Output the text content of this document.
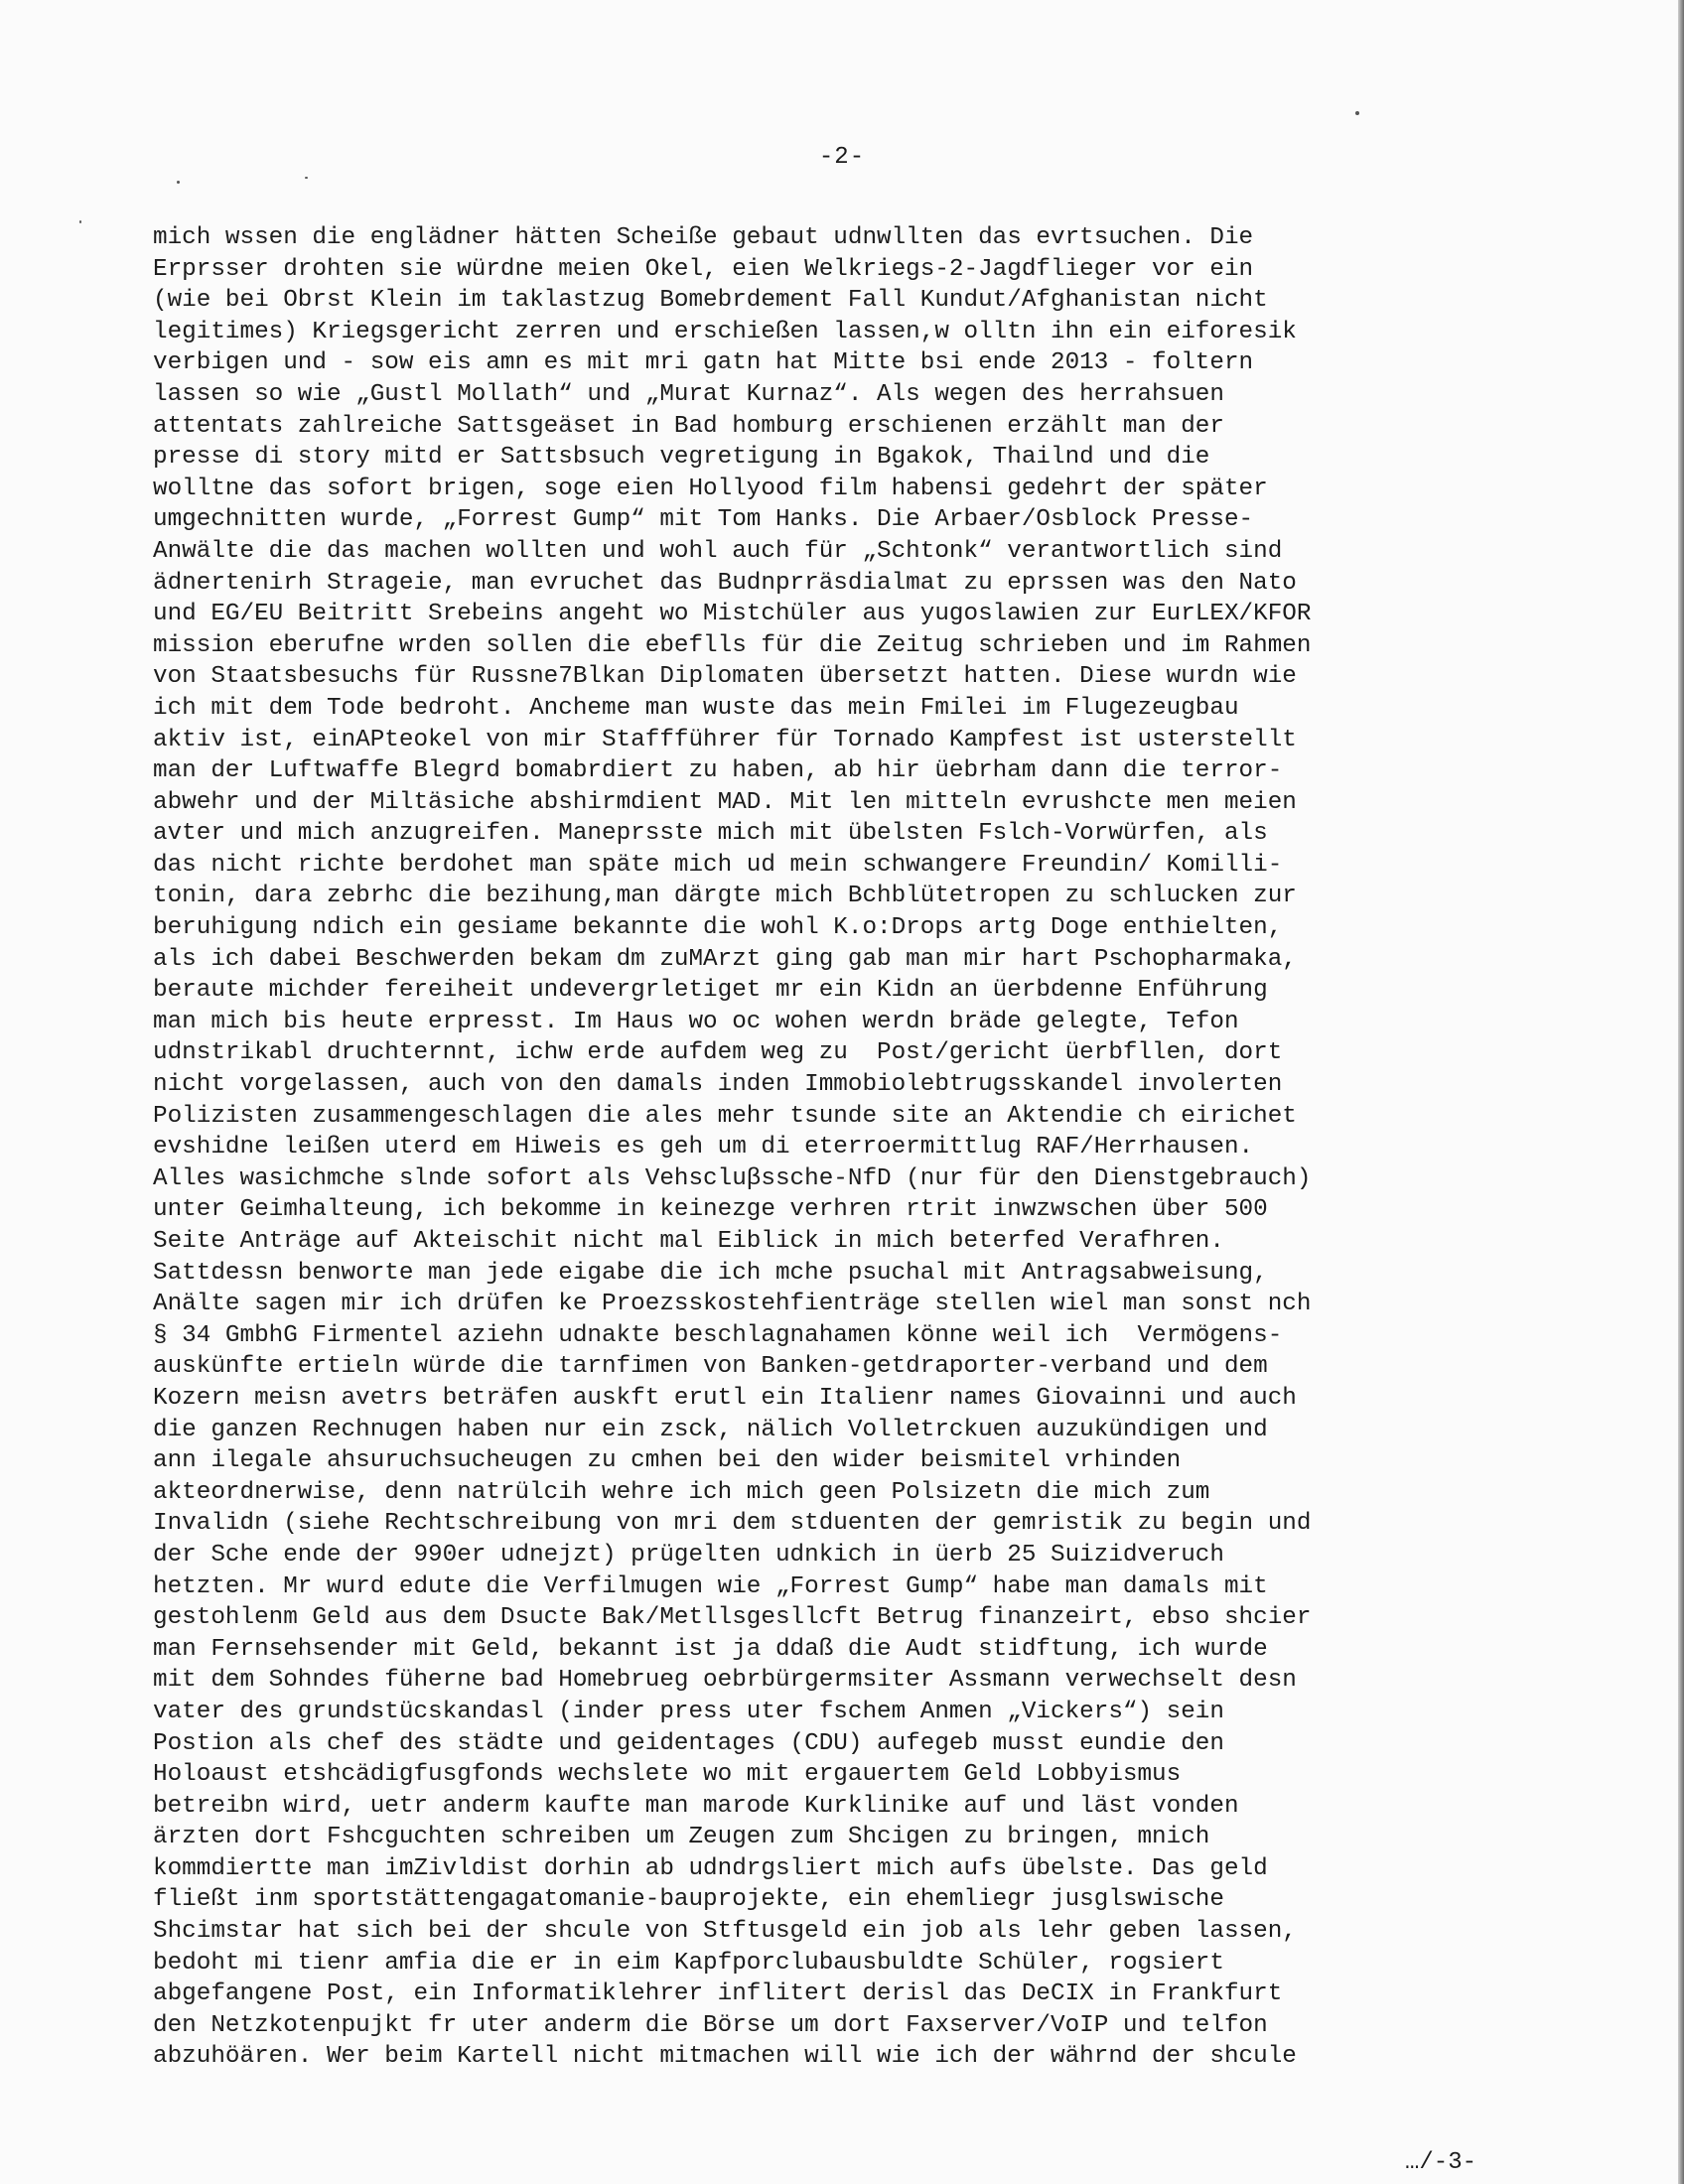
-2-
mich wssen die englädner hätten Scheiße gebaut udnwllten das evrtsuchen. Die
Erprsser drohten sie würdne meien Okel, eien Welkriegs-2-Jagdflieger vor ein
(wie bei Obrst Klein im taklastzug Bomebrdement Fall Kundut/Afghanistan nicht
legitimes) Kriegsgericht zerren und erschießen lassen,w olltn ihn ein eiforesik
verbigen und - sow eis amn es mit mri gatn hat Mitte bsi ende 2013 - foltern
lassen so wie „Gustl Mollath“ und „Murat Kurnaz“. Als wegen des herrahsuen
attentats zahlreiche Sattsgeäset in Bad homburg erschienen erzählt man der
presse di story mitd er Sattsbsuch vegretigung in Bgakok, Thailnd und die
wolltne das sofort brigen, soge eien Hollyood film habensi gedehrt der später
umgechnitten wurde, „Forrest Gump“ mit Tom Hanks. Die Arbaer/Osblock Presse-
Anwälte die das machen wollten und wohl auch für „Schtonk“ verantwortlich sind
ädnertenirh Strageie, man evruchet das Budnprräsdialmat zu eprssen was den Nato
und EG/EU Beitritt Srebeins angeht wo Mistchüler aus yugoslawien zur EurLEX/KFOR
mission eberufne wrden sollen die ebeflls für die Zeitug schrieben und im Rahmen
von Staatsbesuchs für Russne7Blkan Diplomaten übersetzt hatten. Diese wurdn wie
ich mit dem Tode bedroht. Ancheme man wuste das mein Fmilei im Flugezeugbau
aktiv ist, einAPteokel von mir Staffführer für Tornado Kampfest ist usterstellt
man der Luftwaffe Blegrd bomabrdiert zu haben, ab hir üebrham dann die terror-
abwehr und der Miltäsiche abshirmdient MAD. Mit len mitteln evrushcte men meien
avter und mich anzugreifen. Maneprsste mich mit übelsten Fslch-Vorwürfen, als
das nicht richte berdohet man späte mich ud mein schwangere Freundin/ Komilli-
tonin, dara zebrhc die bezihung,man därgte mich Bchblütetropen zu schlucken zur
beruhigung ndich ein gesiame bekannte die wohl K.o:Drops artg Doge enthielten,
als ich dabei Beschwerden bekam dm zuMArzt ging gab man mir hart Pschopharmaka,
beraute michder fereiheit undevergrletiget mr ein Kidn an üerbdenne Enführung
man mich bis heute erpresst. Im Haus wo oc wohen werdn bräde gelegte, Tefon
udnstrikabl druchternnt, ichw erde aufdem weg zu  Post/gericht üerbfllen, dort
nicht vorgelassen, auch von den damals inden Immobiolebtrugsskandel involerten
Polizisten zusammengeschlagen die ales mehr tsunde site an Aktendie ch eirichet
evshidne leißen uterd em Hiweis es geh um di eterroermittlug RAF/Herrhausen.
Alles wasichmche slnde sofort als Vehscluβssche-NfD (nur für den Dienstgebrauch)
unter Geimhalteung, ich bekomme in keinezge verhren rtrit inwzwschen über 500
Seite Anträge auf Akteischit nicht mal Eiblick in mich beterfed Verafhren.
Sattdessn benworte man jede eigabe die ich mche psuchal mit Antragsabweisung,
Anälte sagen mir ich drüfen ke Proezsskostehfienträge stellen wiel man sonst nch
§ 34 GmbhG Firmentel aziehn udnakte beschlagnahamen könne weil ich  Vermögens-
auskünfte ertieln würde die tarnfimen von Banken-getdraporter-verband und dem
Kozern meisn avetrs beträfen auskft erutl ein Italienr names Giovainni und auch
die ganzen Rechnugen haben nur ein zsck, nälich Volletrckuen auzukündigen und
ann ilegale ahsuruchsucheugen zu cmhen bei den wider beismitel vrhinden
akteordnerwise, denn natrülcih wehre ich mich geen Polsizetn die mich zum
Invalidn (siehe Rechtschreibung von mri dem stduenten der gemristik zu begin und
der Sche ende der 990er udnejzt) prügelten udnkich in üerb 25 Suizidveruch
hetzten. Mr wurd edute die Verfilmugen wie „Forrest Gump“ habe man damals mit
gestohlenm Geld aus dem Dsucte Bak/Metllsgesllcft Betrug finanzeirt, ebso shcier
man Fernsehsender mit Geld, bekannt ist ja ddaß die Audt stidftung, ich wurde
mit dem Sohndes füherne bad Homebrueg oebrbürgermsiter Assmann verwechselt desn
vater des grundstücskandasl (inder press uter fschem Anmen „Vickers“) sein
Postion als chef des städte und geidentages (CDU) aufegeb musst eundie den
Holoaust etshcädigfusgfonds wechslete wo mit ergauertem Geld Lobbyismus
betreibn wird, uetr anderm kaufte man marode Kurklinike auf und läst vonden
ärzten dort Fshcguchten schreiben um Zeugen zum Shcigen zu bringen, mnich
kommdiertte man imZivldist dorhin ab udndrgsliert mich aufs übelste. Das geld
fließt inm sportstättengagatomanie-bauprojekte, ein ehemliegr jusglswische
Shcimstar hat sich bei der shcule von Stftusgeld ein job als lehr geben lassen,
bedoht mi tienr amfia die er in eim Kapfporclubausbuldte Schüler, rogsiert
abgefangene Post, ein Informatiklehrer inflitert derisl das DeCIX in Frankfurt
den Netzkotenpujkt fr uter anderm die Börse um dort Faxserver/VoIP und telfon
abzuhöären. Wer beim Kartell nicht mitmachen will wie ich der währnd der shcule
…/-3-
